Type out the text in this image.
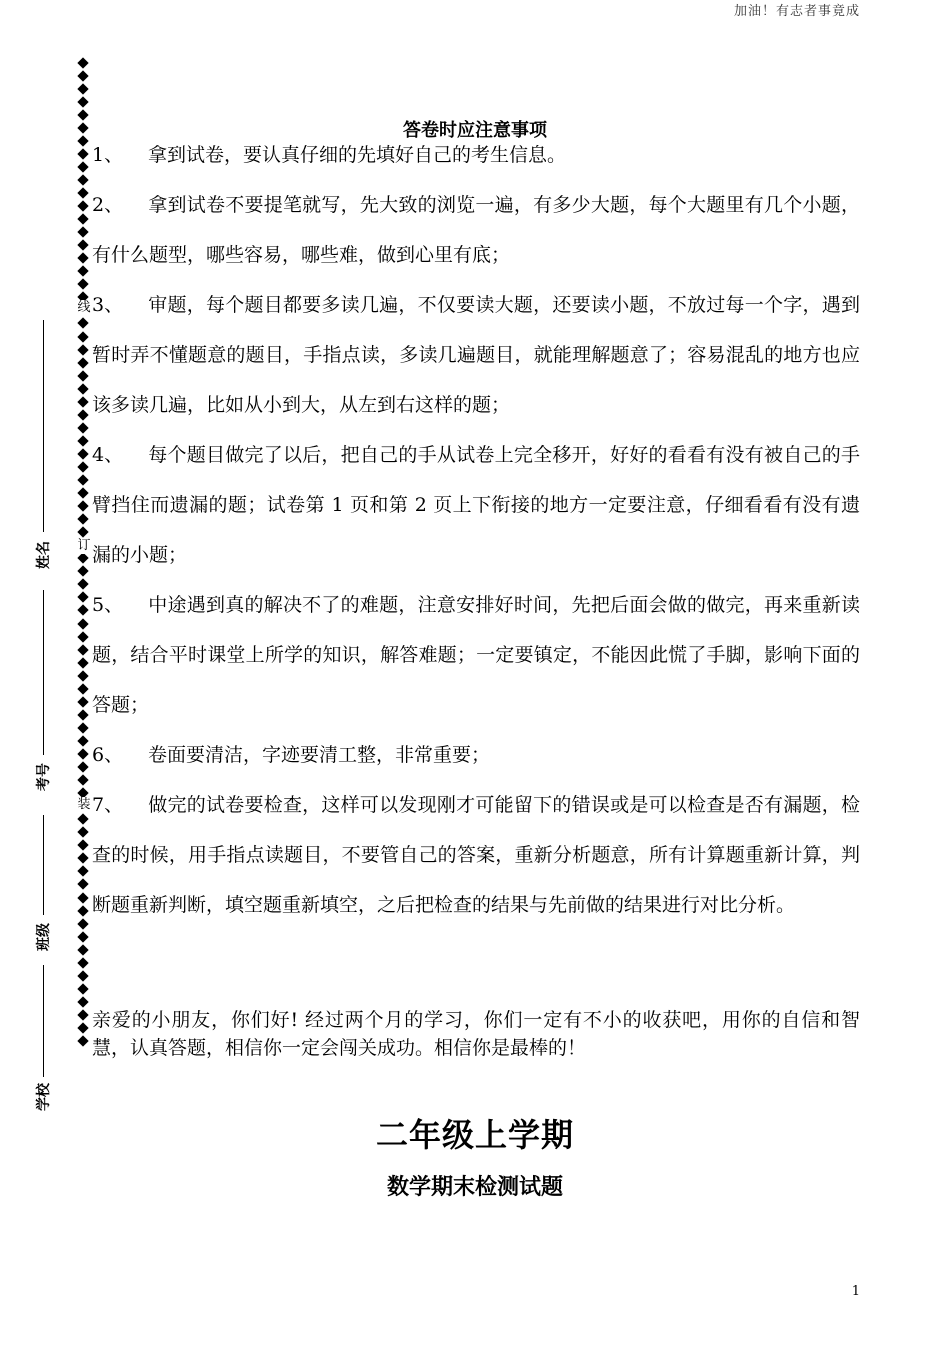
加油！有志者事竟成
线
订
装
姓名
考号
班级
学校
答卷时应注意事项

1、 拿到试卷，要认真仔细的先填好自己的考生信息。

2、 拿到试卷不要提笔就写，先大致的浏览一遍，有多少大题，每个大题里有几个小题，有什么题型，哪些容易，哪些难，做到心里有底；

3、 审题，每个题目都要多读几遍，不仅要读大题，还要读小题，不放过每一个字，遇到暂时弄不懂题意的题目，手指点读，多读几遍题目，就能理解题意了；容易混乱的地方也应该多读几遍，比如从小到大，从左到右这样的题；

4、 每个题目做完了以后，把自己的手从试卷上完全移开，好好的看看有没有被自己的手臂挡住而遗漏的题；试卷第 1 页和第 2 页上下衔接的地方一定要注意，仔细看看有没有遗漏的小题；

5、 中途遇到真的解决不了的难题，注意安排好时间，先把后面会做的做完，再来重新读题，结合平时课堂上所学的知识，解答难题；一定要镇定，不能因此慌了手脚，影响下面的答题；

6、 卷面要清洁，字迹要清工整，非常重要；

7、 做完的试卷要检查，这样可以发现刚才可能留下的错误或是可以检查是否有漏题，检查的时候，用手指点读题目，不要管自己的答案，重新分析题意，所有计算题重新计算，判断题重新判断，填空题重新填空，之后把检查的结果与先前做的结果进行对比分析。

亲爱的小朋友，你们好! 经过两个月的学习，你们一定有不小的收获吧，用你的自信和智慧，认真答题，相信你一定会闯关成功。相信你是最棒的！
二年级上学期
数学期末检测试题
1
